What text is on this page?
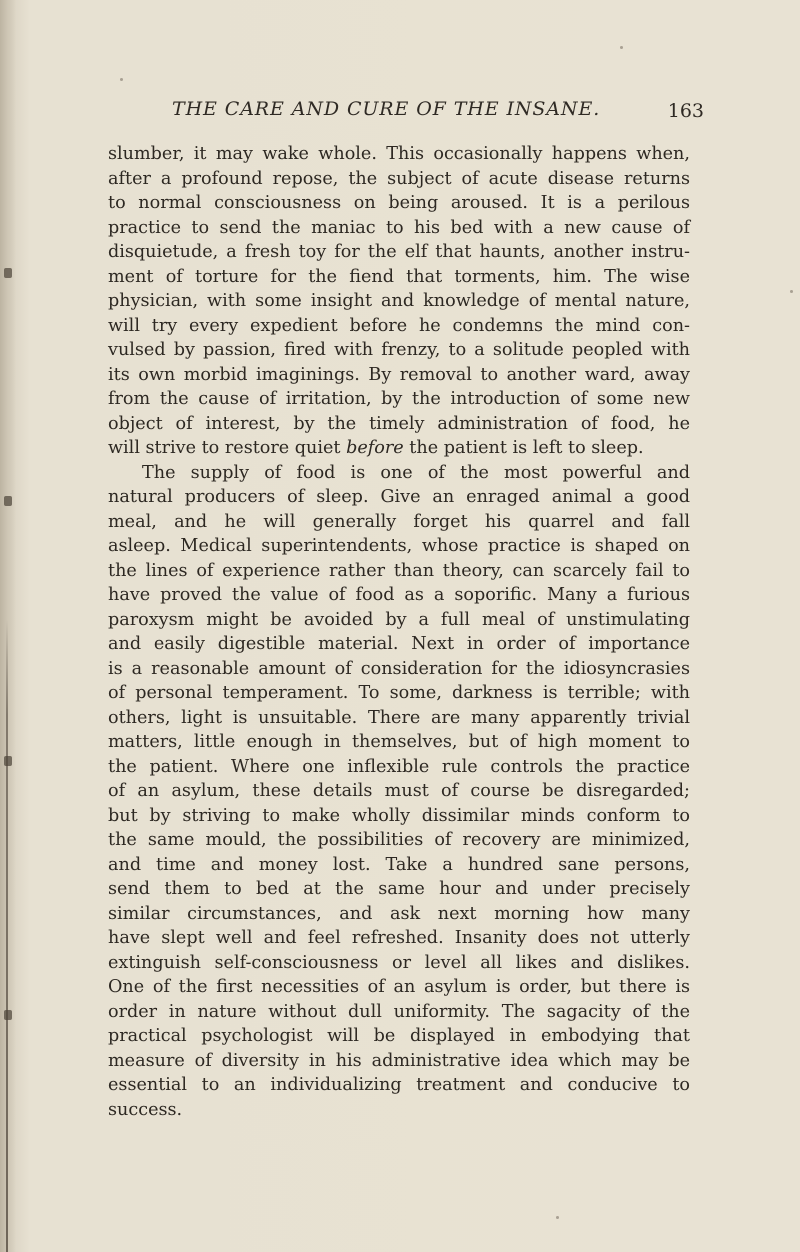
THE CARE AND CURE OF THE INSANE.	163
slumber, it may wake whole. This occasionally happens when,
after a profound repose, the subject of acute disease returns
to normal consciousness on being aroused. It is a perilous
practice to send the maniac to his bed with a new cause of
disquietude, a fresh toy for the elf that haunts, another instru-
ment of torture for the fiend that torments, him. The wise
physician, with some insight and knowledge of mental nature,
will try every expedient before he condemns the mind con-
vulsed by passion, fired with frenzy, to a solitude peopled with
its own morbid imaginings. By removal to another ward, away
from the cause of irritation, by the introduction of some new
object of interest, by the timely administration of food, he
will strive to restore quiet before the patient is left to sleep.
The supply of food is one of the most powerful and
natural producers of sleep. Give an enraged animal a good
meal, and he will generally forget his quarrel and fall
asleep. Medical superintendents, whose practice is shaped on
the lines of experience rather than theory, can scarcely fail to
have proved the value of food as a soporific. Many a furious
paroxysm might be avoided by a full meal of unstimulating
and easily digestible material. Next in order of importance
is a reasonable amount of consideration for the idiosyncrasies
of personal temperament. To some, darkness is terrible; with
others, light is unsuitable. There are many apparently trivial
matters, little enough in themselves, but of high moment to
the patient. Where one inflexible rule controls the practice
of an asylum, these details must of course be disregarded;
but by striving to make wholly dissimilar minds conform to
the same mould, the possibilities of recovery are minimized,
and time and money lost. Take a hundred sane persons,
send them to bed at the same hour and under precisely
similar circumstances, and ask next morning how many
have slept well and feel refreshed. Insanity does not utterly
extinguish self-consciousness or level all likes and dislikes.
One of the first necessities of an asylum is order, but there is
order in nature without dull uniformity. The sagacity of the
practical psychologist will be displayed in embodying that
measure of diversity in his administrative idea which may be
essential to an individualizing treatment and conducive to
success.
